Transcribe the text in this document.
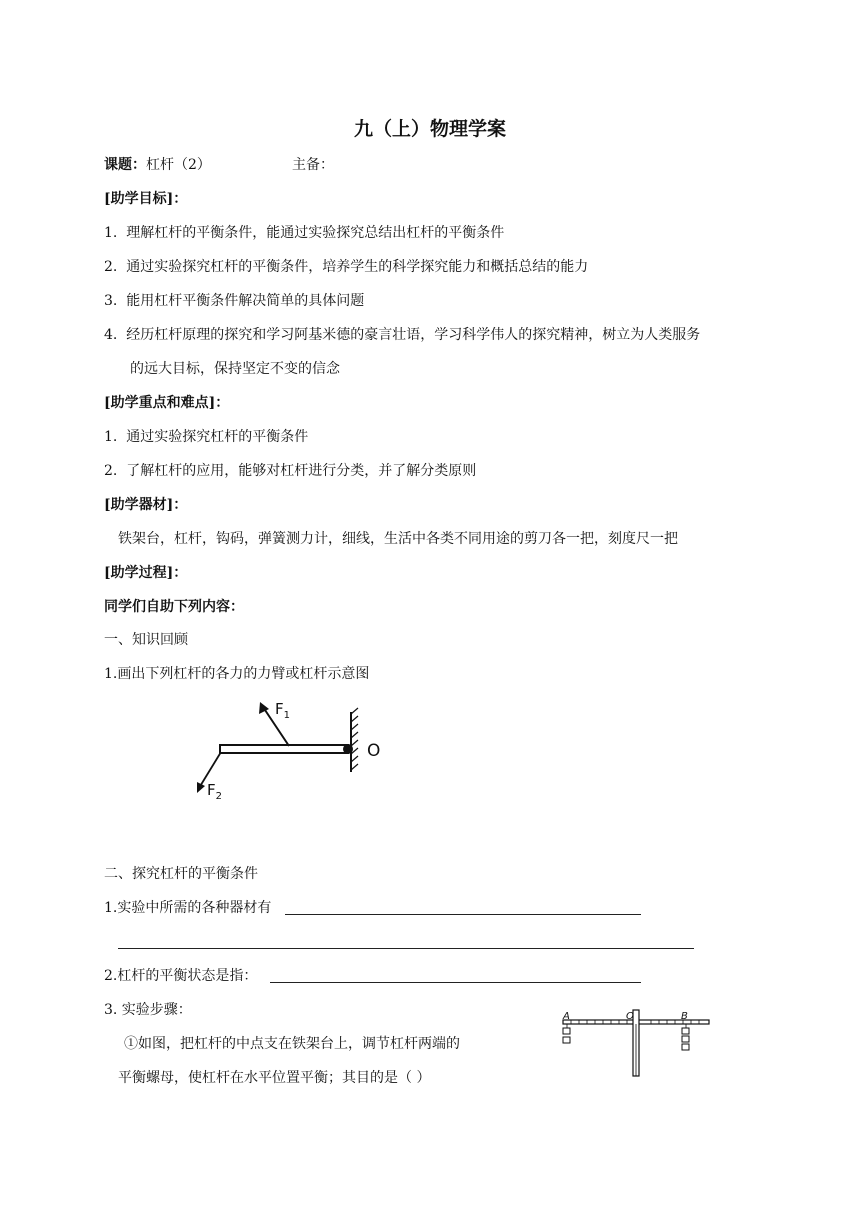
九（上）物理学案
课题：杠杆（2）	主备：
[助学目标]：
1. 理解杠杆的平衡条件，能通过实验探究总结出杠杆的平衡条件
2. 通过实验探究杠杆的平衡条件，培养学生的科学探究能力和概括总结的能力
3. 能用杠杆平衡条件解决简单的具体问题
4. 经历杠杆原理的探究和学习阿基米德的豪言壮语，学习科学伟人的探究精神，树立为人类服务
的远大目标，保持坚定不变的信念
[助学重点和难点]：
1. 通过实验探究杠杆的平衡条件
2. 了解杠杆的应用，能够对杠杆进行分类，并了解分类原则
[助学器材]：
铁架台，杠杆，钩码，弹簧测力计，细线，生活中各类不同用途的剪刀各一把，刻度尺一把
[助学过程]：
同学们自助下列内容：
一、知识回顾
1.画出下列杠杆的各力的力臂或杠杆示意图
O
$F_1$
$F_2$
二、探究杠杆的平衡条件
1.实验中所需的各种器材有
2.杠杆的平衡状态是指：
3. 实验步骤：
①如图，把杠杆的中点支在铁架台上，调节杠杆两端的
平衡螺母，使杠杆在水平位置平衡；其目的是（ ）
A	O	B
